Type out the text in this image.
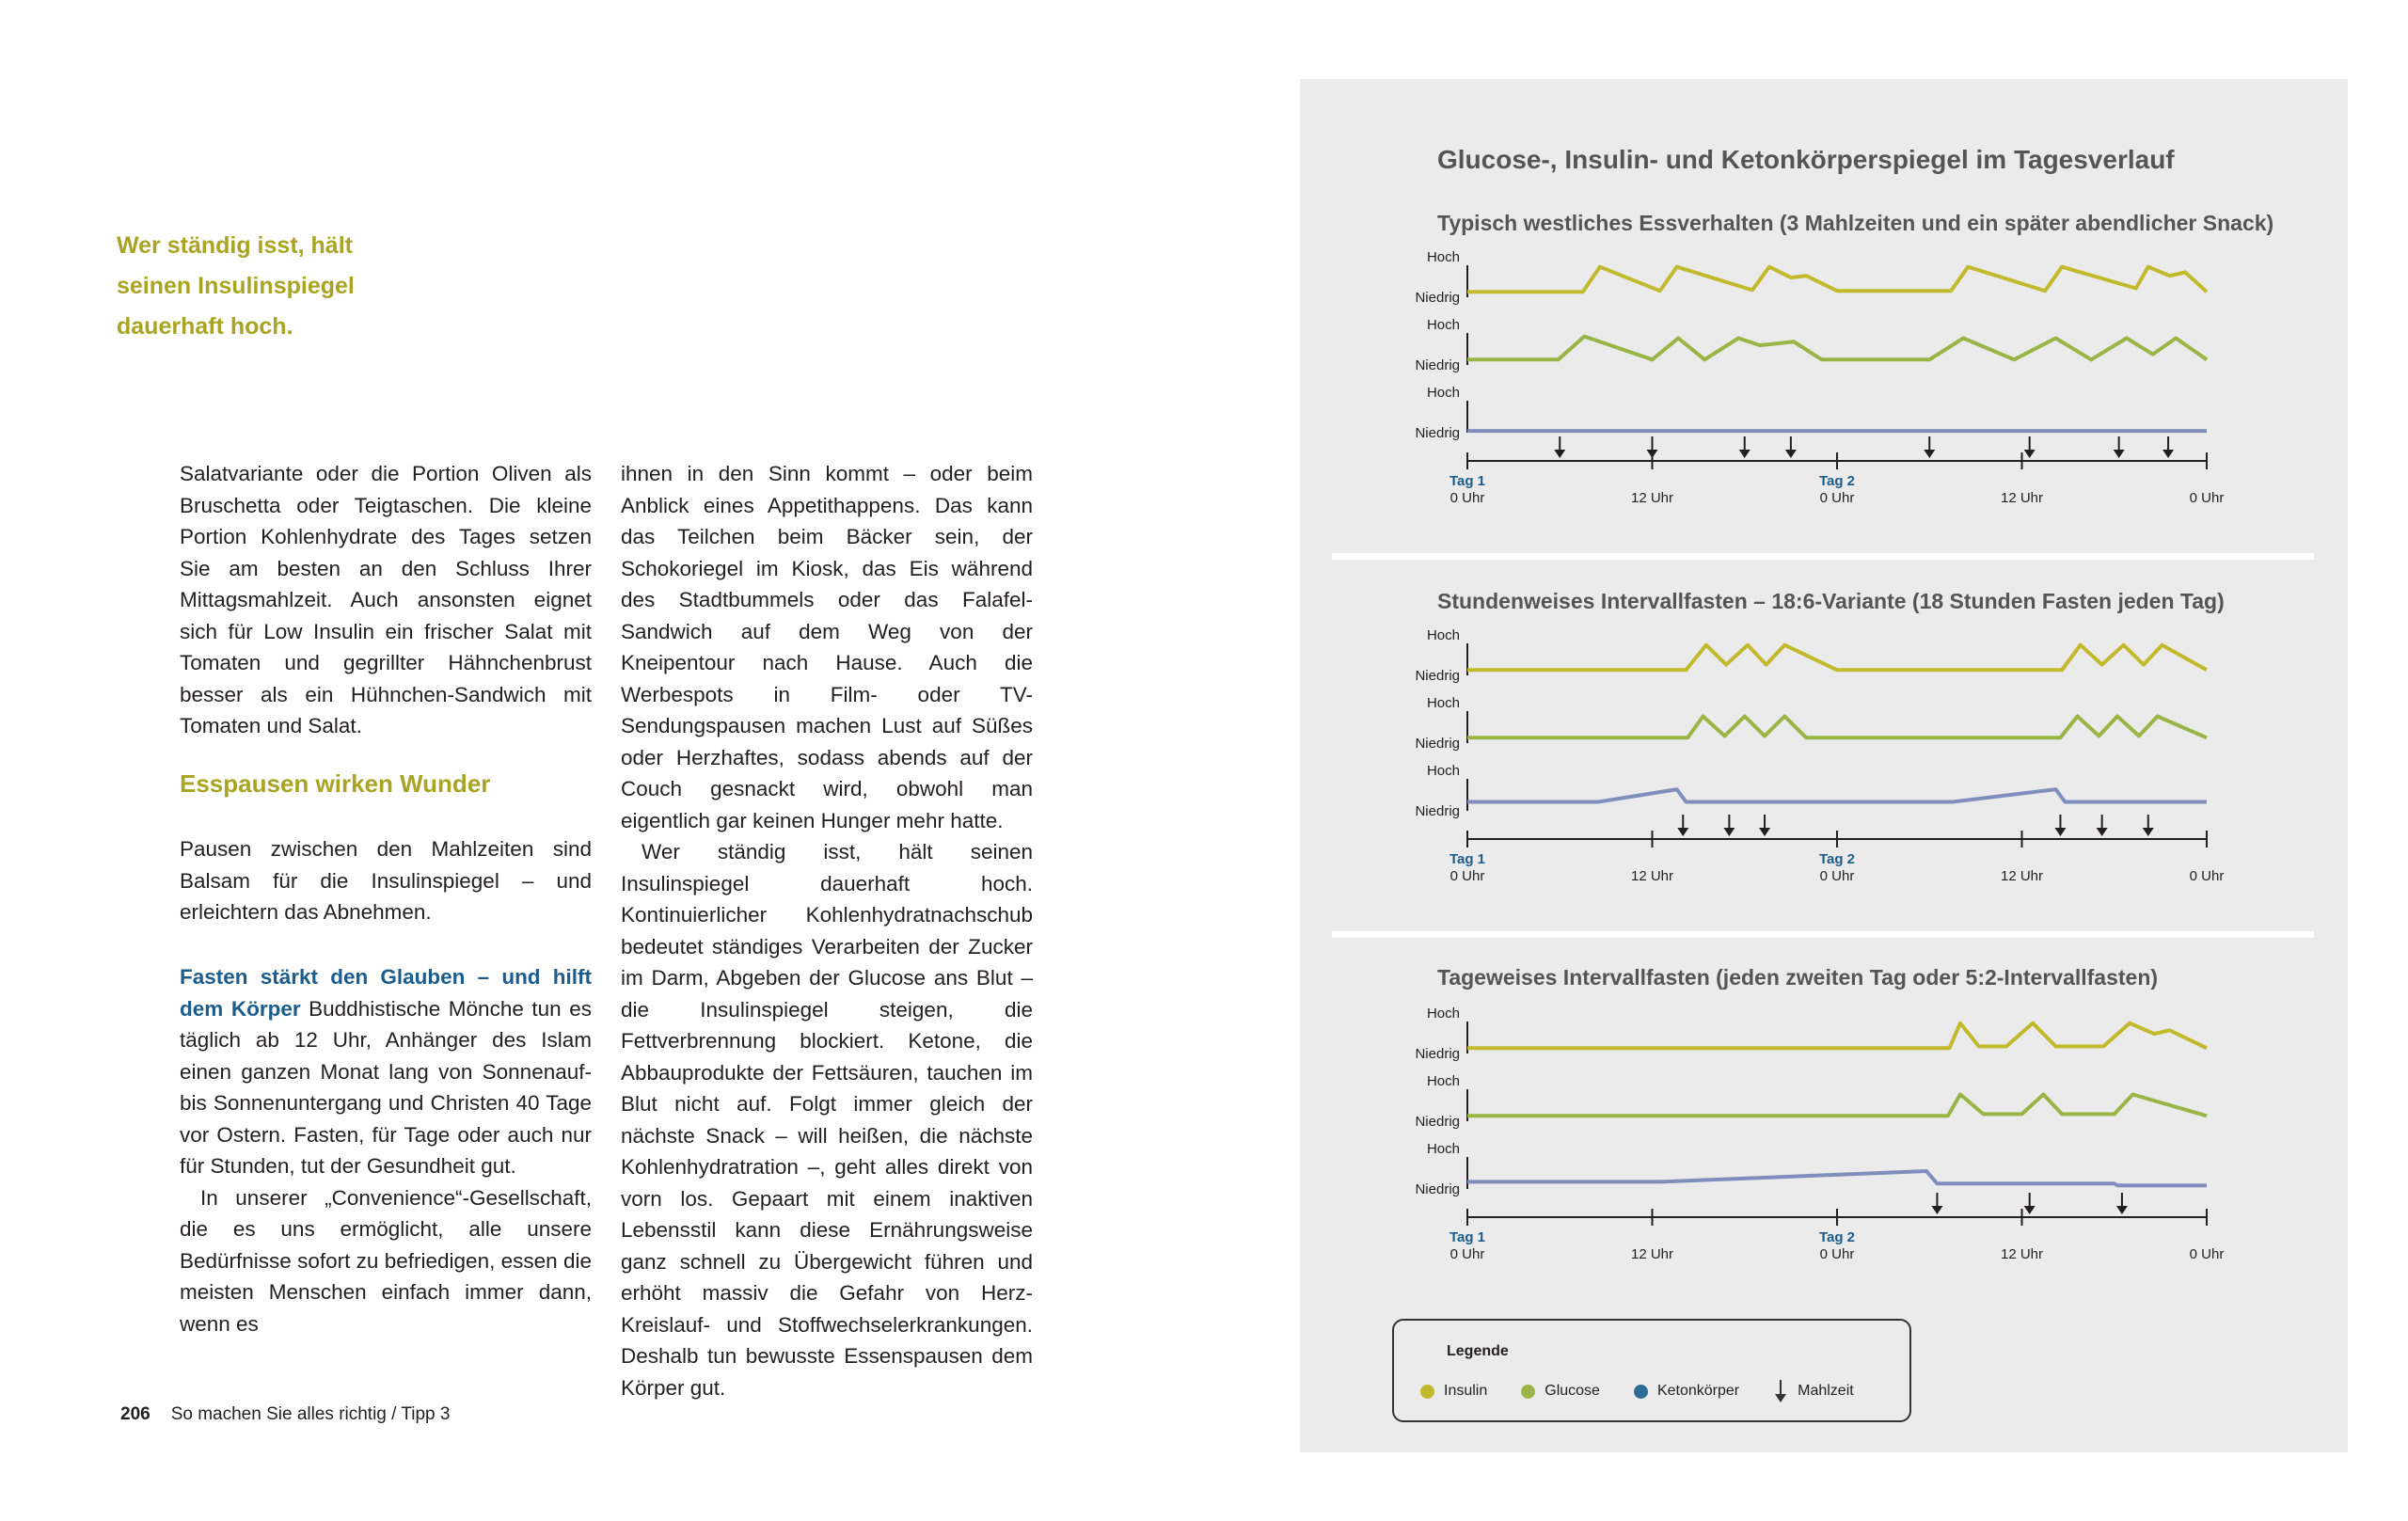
Wer ständig isst, hält
seinen Insulinspiegel
dauerhaft hoch.

Salatvariante oder die Portion Oliven als Bruschetta oder Teigtaschen. Die kleine Portion Kohlenhydrate des Tages setzen Sie am besten an den Schluss Ihrer Mittagsmahlzeit. Auch ansonsten eignet sich für Low Insulin ein frischer Salat mit Tomaten und gegrillter Hähnchenbrust besser als ein Hühnchen-Sandwich mit Tomaten und Salat.

Esspausen wirken Wunder

Pausen zwischen den Mahlzeiten sind Balsam für die Insulinspiegel – und erleichtern das Abnehmen.

Fasten stärkt den Glauben – und hilft dem Körper Buddhistische Mönche tun es täglich ab 12 Uhr, Anhänger des Islam einen ganzen Monat lang von Sonnenauf- bis Sonnenuntergang und Christen 40 Tage vor Ostern. Fasten, für Tage oder auch nur für Stunden, tut der Gesundheit gut.

In unserer „Convenience“-Gesellschaft, die es uns ermöglicht, alle unsere Bedürfnisse sofort zu befriedigen, essen die meisten Menschen einfach immer dann, wenn es

ihnen in den Sinn kommt – oder beim Anblick eines Appetithappens. Das kann das Teilchen beim Bäcker sein, der Schokoriegel im Kiosk, das Eis während des Stadtbummels oder das Falafel-Sandwich auf dem Weg von der Kneipentour nach Hause. Auch die Werbespots in Film- oder TV-Sendungspausen machen Lust auf Süßes oder Herzhaftes, sodass abends auf der Couch gesnackt wird, obwohl man eigentlich gar keinen Hunger mehr hatte.

Wer ständig isst, hält seinen Insulinspiegel dauerhaft hoch. Kontinuierlicher Kohlenhydratnachschub bedeutet ständiges Verarbeiten der Zucker im Darm, Abgeben der Glucose ans Blut – die Insulinspiegel steigen, die Fettverbrennung blockiert. Ketone, die Abbauprodukte der Fettsäuren, tauchen im Blut nicht auf. Folgt immer gleich der nächste Snack – will heißen, die nächste Kohlenhydratration –, geht alles direkt von vorn los. Gepaart mit einem inaktiven Lebensstil kann diese Ernährungsweise ganz schnell zu Übergewicht führen und erhöht massiv die Gefahr von Herz-Kreislauf- und Stoffwechselerkrankungen. Deshalb tun bewusste Essenspausen dem Körper gut.

206 So machen Sie alles richtig / Tipp 3
Glucose-, Insulin- und Ketonkörperspiegel im Tagesverlauf
Typisch westliches Essverhalten (3 Mahlzeiten und ein später abendlicher Snack)
Stundenweises Intervallfasten – 18:6-Variante (18 Stunden Fasten jeden Tag)
Tageweises Intervallfasten (jeden zweiten Tag oder 5:2-Intervallfasten)
Hoch
Niedrig
Hoch
Niedrig
Hoch
Niedrig
Tag 1
0 Uhr	12 Uhr
Tag 2
0 Uhr	12 Uhr	0 Uhr
Hoch
Niedrig
Hoch
Niedrig
Hoch
Niedrig
Tag 1
0 Uhr	12 Uhr
Tag 2
0 Uhr	12 Uhr	0 Uhr
Hoch
Niedrig
Hoch
Niedrig
Hoch
Niedrig
Tag 1
0 Uhr	12 Uhr
Tag 2
0 Uhr	12 Uhr	0 Uhr
Legende
Insulin	Glucose	Ketonkörper	Mahlzeit
